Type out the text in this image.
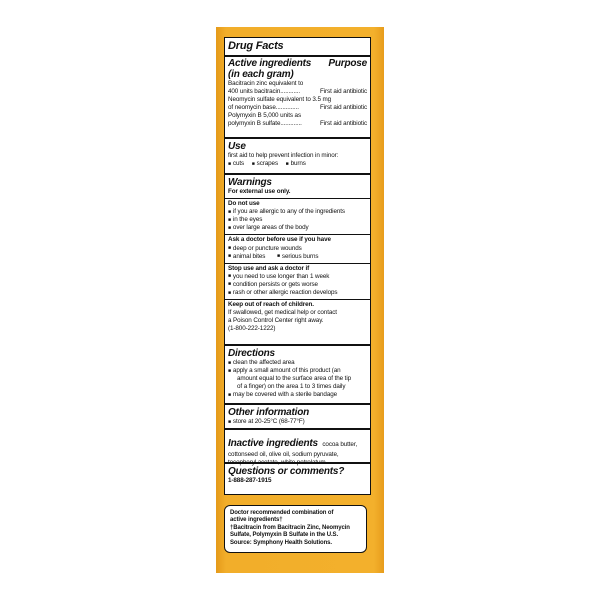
Drug Facts
Active ingredients Purpose
(in each gram)
Bacitracin zinc equivalent to
400 units bacitracin............	First aid antibiotic
Neomycin sulfate equivalent to 3.5 mg
of neomycin base..............	First aid antibiotic
Polymyxin B 5,000 units as
polymyxin B sulfate.............	First aid antibiotic
Use
first aid to help prevent infection in minor:
■ cuts ■ scrapes ■ burns
Warnings
For external use only.
Do not use
■ if you are allergic to any of the ingredients
■ in the eyes
■ over large areas of the body
Ask a doctor before use if you have
■ deep or puncture wounds
■ animal bites	■ serious burns
Stop use and ask a doctor if
■ you need to use longer than 1 week
■ condition persists or gets worse
■ rash or other allergic reaction develops
Keep out of reach of children.
If swallowed, get medical help or contact
a Poison Control Center right away.
(1-800-222-1222)
Directions
■ clean the affected area
■ apply a small amount of this product (an
amount equal to the surface area of the tip
of a finger) on the area 1 to 3 times daily
■ may be covered with a sterile bandage
Other information
■ store at 20-25°C (68-77°F)
Inactive ingredients cocoa butter,
cottonseed oil, olive oil, sodium pyruvate,
tocopheryl acetate, white petrolatum
Questions or comments?
1-888-287-1915
Doctor recommended combination of
active ingredients†
†Bacitracin from Bacitracin Zinc, Neomycin
Sulfate, Polymyxin B Sulfate in the U.S.
Source: Symphony Health Solutions.
